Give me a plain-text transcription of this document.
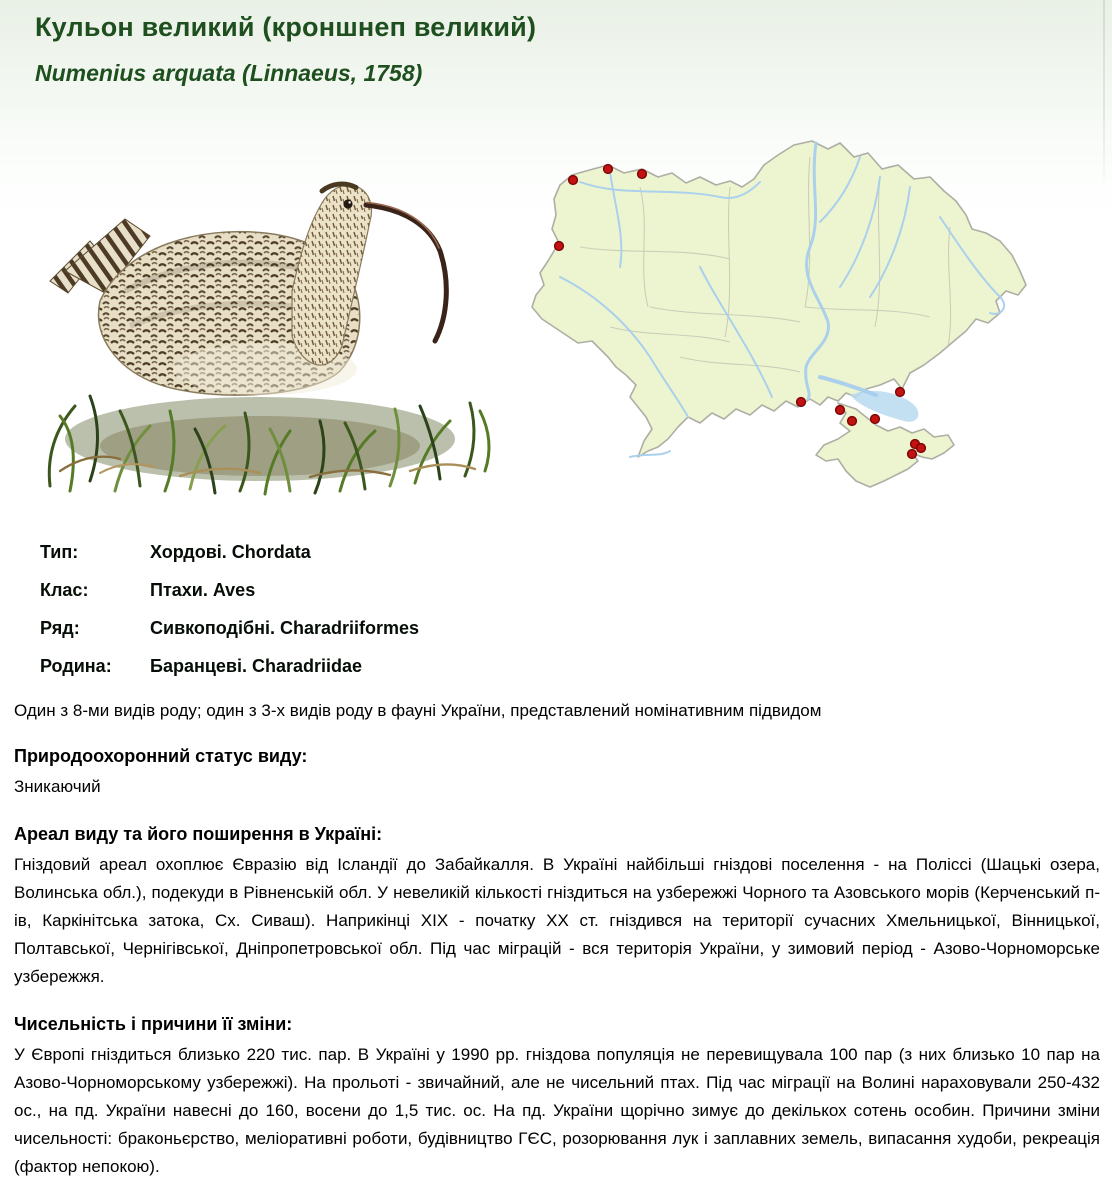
Кульон великий (кроншнеп великий)
Numenius arquata (Linnaeus, 1758)
Тип:	Хордові. Chordata
Клас:	Птахи. Aves
Ряд:	Сивкоподібні. Charadriiformes
Родина:	Баранцеві. Charadriidae

Один з 8-ми видів роду; один з 3-х видів роду в фауні України, представлений номінативним підвидом

Природоохоронний статус виду:

Зникаючий

Ареал виду та його поширення в Україні:

Гніздовий ареал охоплює Євразію від Ісландії до Забайкалля. В Україні найбільші гніздові поселення - на Поліссі (Шацькі озера, Волинська обл.), подекуди в Рівненській обл. У невеликій кількості гніздиться на узбережжі Чорного та Азовського морів (Керченський п-ів, Каркінітська затока, Сх. Сиваш). Наприкінці XIX - початку XX ст. гніздився на території сучасних Хмельницької, Вінницької, Полтавської, Чернігівської, Дніпропетровської обл. Під час міграцій - вся територія України, у зимовий період - Азово-Чорноморське узбережжя.

Чисельність і причини її зміни:

У Європі гніздиться близько 220 тис. пар. В Україні у 1990 рр. гніздова популяція не перевищувала 100 пар (з них близько 10 пар на Азово-Чорноморському узбережжі). На прольоті - звичайний, але не чисельний птах. Під час міграції на Волині нараховували 250-432 ос., на пд. України навесні до 160, восени до 1,5 тис. ос. На пд. України щорічно зимує до декількох сотень особин. Причини зміни чисельності: браконьєрство, меліоративні роботи, будівництво ГЄС, розорювання лук і заплавних земель, випасання худоби, рекреація (фактор непокою).
